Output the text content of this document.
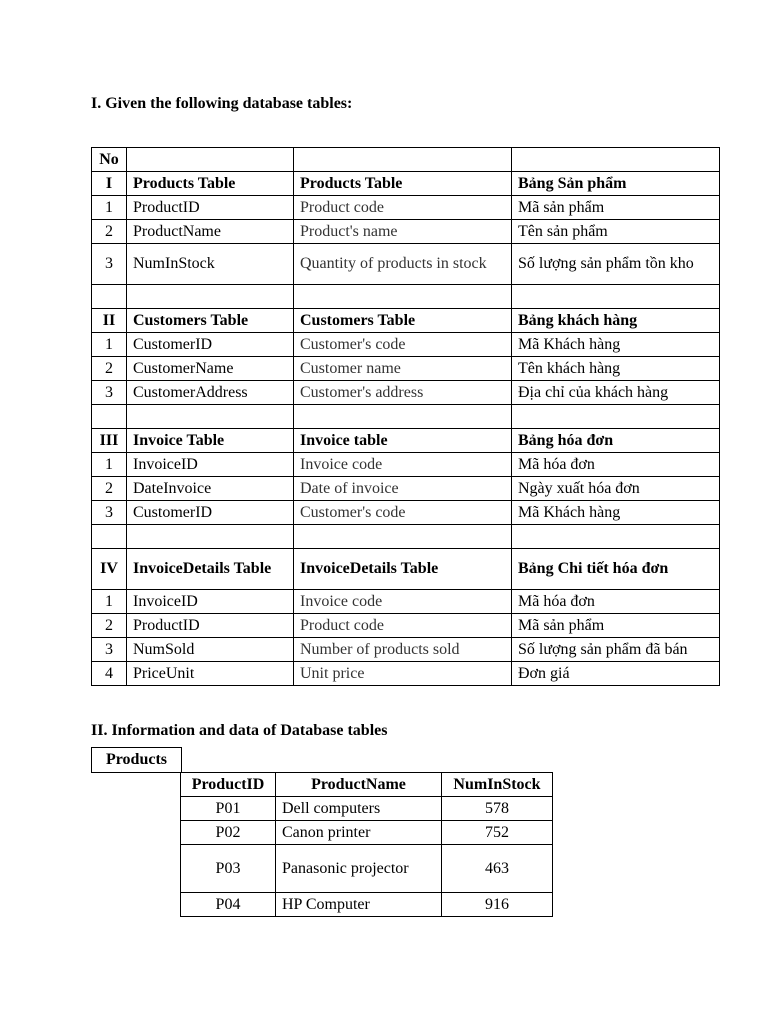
I. Given the following database tables:
No			
I	Products Table	Products Table	Bảng Sản phẩm
1	ProductID	Product code	Mã sản phẩm
2	ProductName	Product's name	Tên sản phẩm
3	NumInStock	Quantity of products in stock	Số lượng sản phẩm tồn kho

II	Customers Table	Customers Table	Bảng khách hàng
1	CustomerID	Customer's code	Mã Khách hàng
2	CustomerName	Customer name	Tên khách hàng
3	CustomerAddress	Customer's address	Địa chỉ của khách hàng

III	Invoice Table	Invoice table	Bảng hóa đơn
1	InvoiceID	Invoice code	Mã hóa đơn
2	DateInvoice	Date of invoice	Ngày xuất hóa đơn
3	CustomerID	Customer's code	Mã Khách hàng

IV	InvoiceDetails Table	InvoiceDetails Table	Bảng Chi tiết hóa đơn
1	InvoiceID	Invoice code	Mã hóa đơn
2	ProductID	Product code	Mã sản phẩm
3	NumSold	Number of products sold	Số lượng sản phẩm đã bán
4	PriceUnit	Unit price	Đơn giá
II. Information and data of Database tables
Products
ProductID	ProductName	NumInStock
P01	Dell computers	578
P02	Canon printer	752
P03	Panasonic projector	463
P04	HP Computer	916
